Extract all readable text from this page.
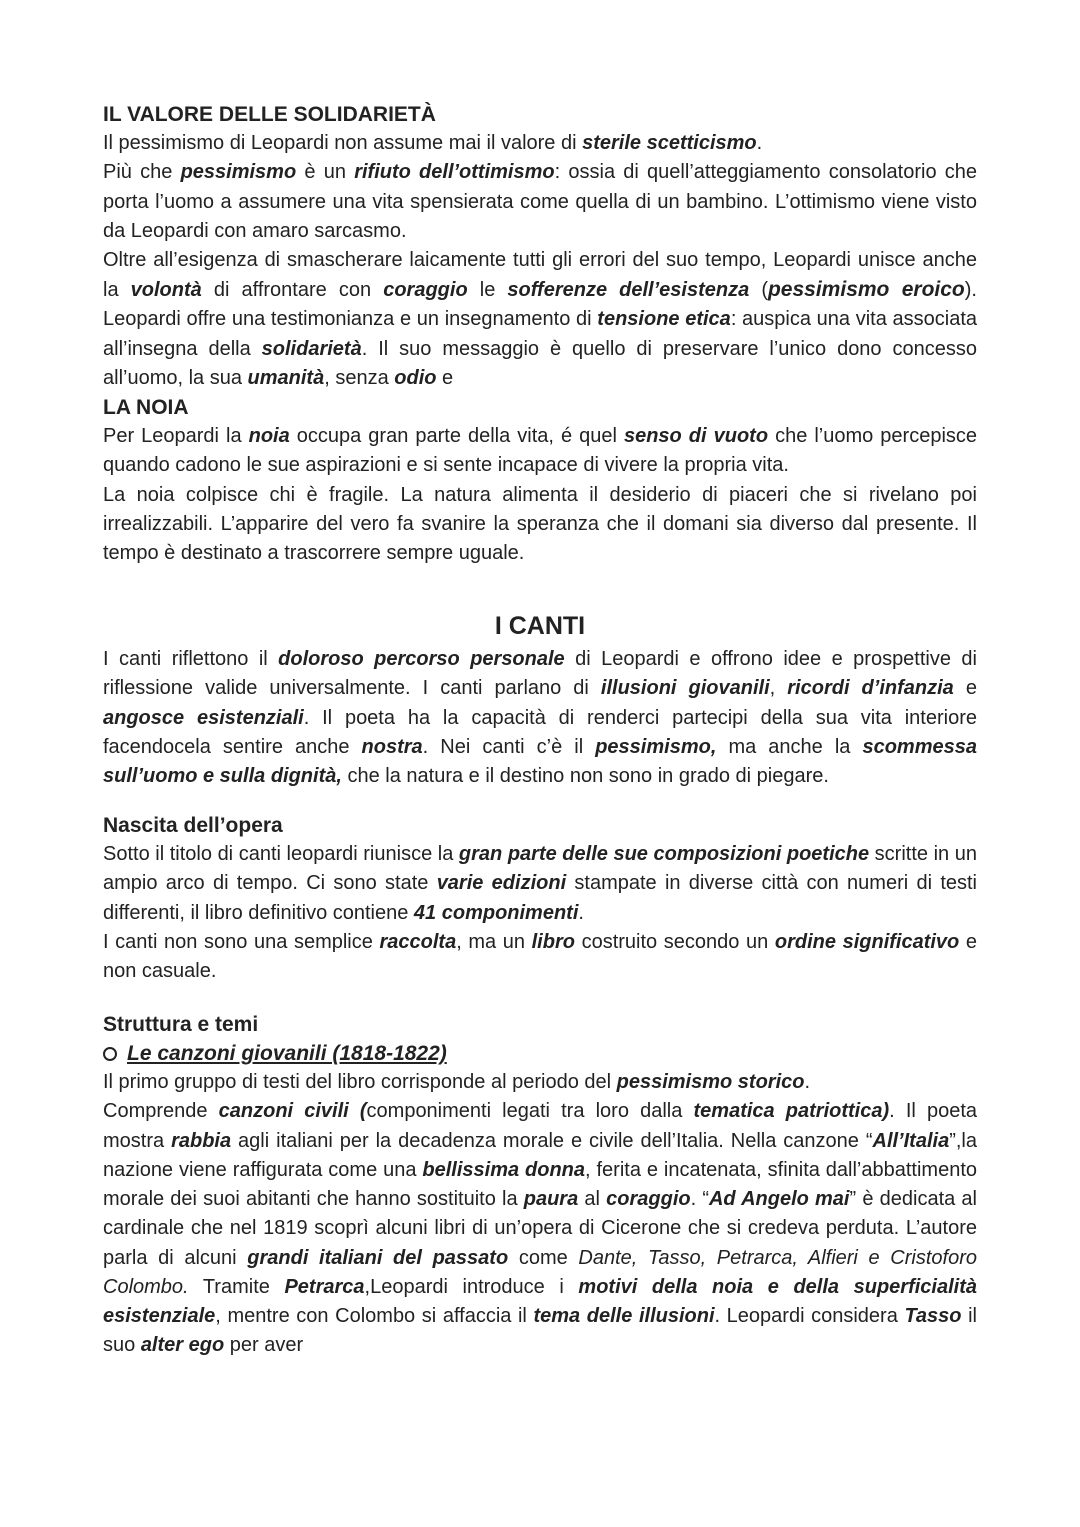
IL VALORE DELLE SOLIDARIETÀ

Il pessimismo di Leopardi non assume mai il valore di sterile scetticismo.

Più che pessimismo è un rifiuto dell’ottimismo: ossia di quell’atteggiamento consolatorio che porta l’uomo a assumere una vita spensierata come quella di un bambino. L’ottimismo viene visto da Leopardi con amaro sarcasmo.

Oltre all’esigenza di smascherare laicamente tutti gli errori del suo tempo, Leopardi unisce anche la volontà di affrontare con coraggio le sofferenze dell’esistenza (pessimismo eroico). Leopardi offre una testimonianza e un insegnamento di tensione etica: auspica una vita associata all’insegna della solidarietà. Il suo messaggio è quello di preservare l’unico dono concesso all’uomo, la sua umanità, senza odio e

LA NOIA

Per Leopardi la noia occupa gran parte della vita, é quel senso di vuoto che l’uomo percepisce quando cadono le sue aspirazioni e si sente incapace di vivere la propria vita.

La noia colpisce chi è fragile. La natura alimenta il desiderio di piaceri che si rivelano poi irrealizzabili. L’apparire del vero fa svanire la speranza che il domani sia diverso dal presente. Il tempo è destinato a trascorrere sempre uguale.

I CANTI

I canti riflettono il doloroso percorso personale di Leopardi e offrono idee e prospettive di riflessione valide universalmente. I canti parlano di illusioni giovanili, ricordi d’infanzia e angosce esistenziali. Il poeta ha la capacità di renderci partecipi della sua vita interiore facendocela sentire anche nostra. Nei canti c’è il pessimismo, ma anche la scommessa sull’uomo e sulla dignità, che la natura e il destino non sono in grado di piegare.

Nascita dell’opera

Sotto il titolo di canti leopardi riunisce la gran parte delle sue composizioni poetiche scritte in un ampio arco di tempo. Ci sono state varie edizioni stampate in diverse città con numeri di testi differenti, il libro definitivo contiene 41 componimenti.

I canti non sono una semplice raccolta, ma un libro costruito secondo un ordine significativo e non casuale.

Struttura e temi
Le canzoni giovanili (1818-1822)

Il primo gruppo di testi del libro corrisponde al periodo del pessimismo storico.

Comprende canzoni civili (componimenti legati tra loro dalla tematica patriottica). Il poeta mostra rabbia agli italiani per la decadenza morale e civile dell’Italia. Nella canzone “All’Italia”,la nazione viene raffigurata come una bellissima donna, ferita e incatenata, sfinita dall’abbattimento morale dei suoi abitanti che hanno sostituito la paura al coraggio. “Ad Angelo mai” è dedicata al cardinale che nel 1819 scoprì alcuni libri di un’opera di Cicerone che si credeva perduta. L’autore parla di alcuni grandi italiani del passato come Dante, Tasso, Petrarca, Alfieri e Cristoforo Colombo. Tramite Petrarca,Leopardi introduce i motivi della noia e della superficialità esistenziale, mentre con Colombo si affaccia il tema delle illusioni. Leopardi considera Tasso il suo alter ego per aver
